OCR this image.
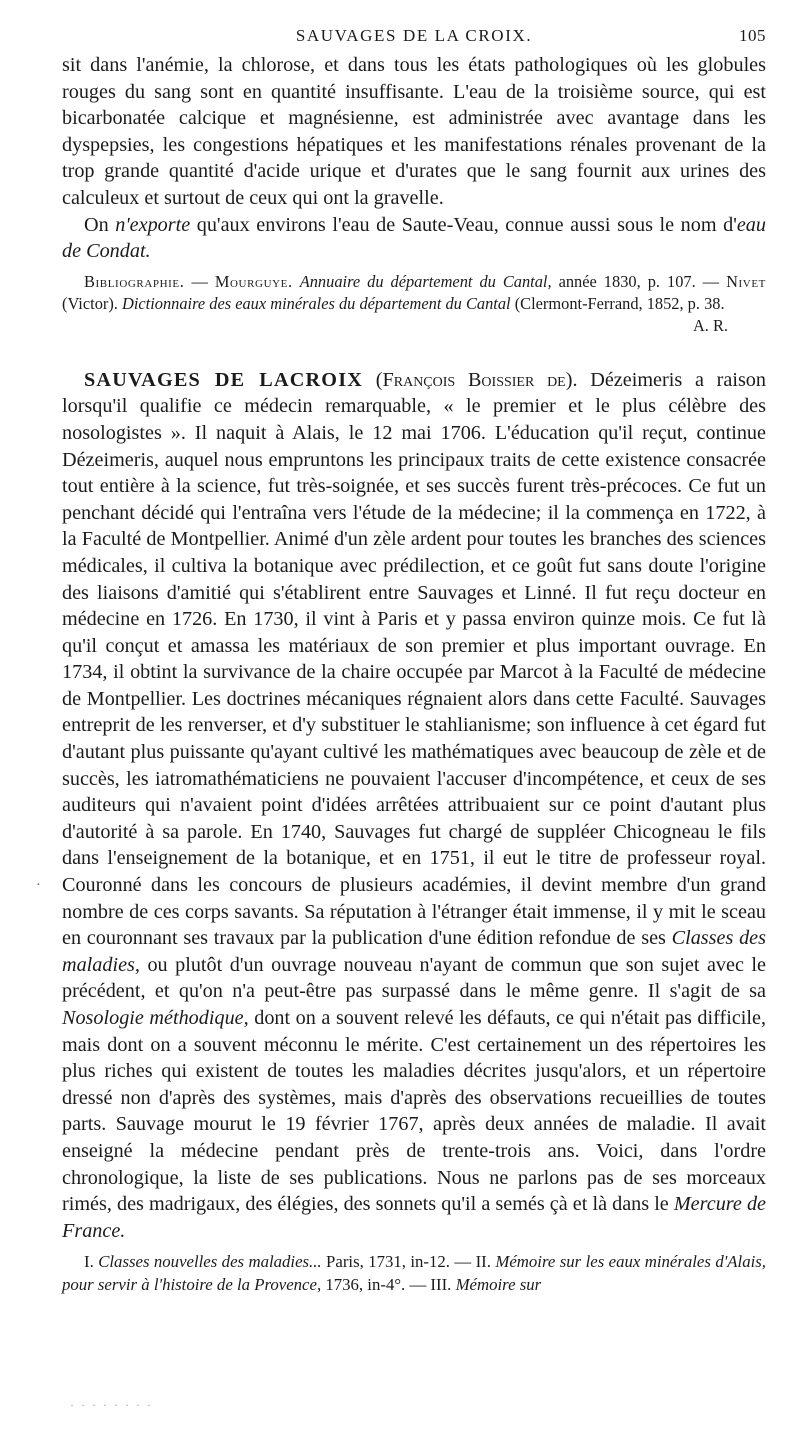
SAUVAGES DE LA CROIX.	105

sit dans l'anémie, la chlorose, et dans tous les états pathologiques où les globules rouges du sang sont en quantité insuffisante. L'eau de la troisième source, qui est bicarbonatée calcique et magnésienne, est administrée avec avantage dans les dyspepsies, les congestions hépatiques et les manifestations rénales provenant de la trop grande quantité d'acide urique et d'urates que le sang fournit aux urines des calculeux et surtout de ceux qui ont la gravelle.

On n'exporte qu'aux environs l'eau de Saute-Veau, connue aussi sous le nom d'eau de Condat.

Bibliographie. — Mourguye. Annuaire du département du Cantal, année 1830, p. 107. — Nivet (Victor). Dictionnaire des eaux minérales du département du Cantal (Clermont-Ferrand, 1852, p. 38.
A. R.

SAUVAGES DE LACROIX (François Boissier de). Dézeimeris a raison lorsqu'il qualifie ce médecin remarquable, « le premier et le plus célèbre des nosologistes ». Il naquit à Alais, le 12 mai 1706. L'éducation qu'il reçut, continue Dézeimeris, auquel nous empruntons les principaux traits de cette existence consacrée tout entière à la science, fut très-soignée, et ses succès furent très-précoces. Ce fut un penchant décidé qui l'entraîna vers l'étude de la médecine; il la commença en 1722, à la Faculté de Montpellier. Animé d'un zèle ardent pour toutes les branches des sciences médicales, il cultiva la botanique avec prédilection, et ce goût fut sans doute l'origine des liaisons d'amitié qui s'établirent entre Sauvages et Linné. Il fut reçu docteur en médecine en 1726. En 1730, il vint à Paris et y passa environ quinze mois. Ce fut là qu'il conçut et amassa les matériaux de son premier et plus important ouvrage. En 1734, il obtint la survivance de la chaire occupée par Marcot à la Faculté de médecine de Montpellier. Les doctrines mécaniques régnaient alors dans cette Faculté. Sauvages entreprit de les renverser, et d'y substituer le stahlianisme; son influence à cet égard fut d'autant plus puissante qu'ayant cultivé les mathématiques avec beaucoup de zèle et de succès, les iatromathématiciens ne pouvaient l'accuser d'incompétence, et ceux de ses auditeurs qui n'avaient point d'idées arrêtées attribuaient sur ce point d'autant plus d'autorité à sa parole. En 1740, Sauvages fut chargé de suppléer Chicogneau le fils dans l'enseignement de la botanique, et en 1751, il eut le titre de professeur royal. Couronné dans les concours de plusieurs académies, il devint membre d'un grand nombre de ces corps savants. Sa réputation à l'étranger était immense, il y mit le sceau en couronnant ses travaux par la publication d'une édition refondue de ses Classes des maladies, ou plutôt d'un ouvrage nouveau n'ayant de commun que son sujet avec le précédent, et qu'on n'a peut-être pas surpassé dans le même genre. Il s'agit de sa Nosologie méthodique, dont on a souvent relevé les défauts, ce qui n'était pas difficile, mais dont on a souvent méconnu le mérite. C'est certainement un des répertoires les plus riches qui existent de toutes les maladies décrites jusqu'alors, et un répertoire dressé non d'après des systèmes, mais d'après des observations recueillies de toutes parts. Sauvage mourut le 19 février 1767, après deux années de maladie. Il avait enseigné la médecine pendant près de trente-trois ans. Voici, dans l'ordre chronologique, la liste de ses publications. Nous ne parlons pas de ses morceaux rimés, des madrigaux, des élégies, des sonnets qu'il a semés çà et là dans le Mercure de France.

I. Classes nouvelles des maladies... Paris, 1731, in-12. — II. Mémoire sur les eaux minérales d'Alais, pour servir à l'histoire de la Provence, 1736, in-4°. — III. Mémoire sur

·
· · · · · · · ·
